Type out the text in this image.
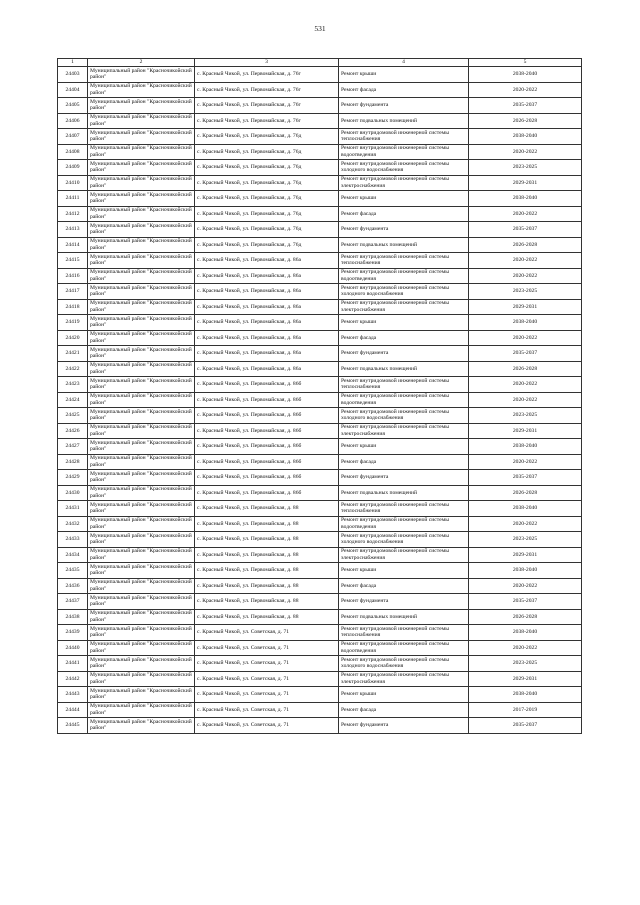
531
1	2	3	4	5
24403	Муниципальный район "Красночикойский район"	с. Красный Чикой, ул. Первомайская, д. 76г	Ремонт крыши	2038-2040
24404	Муниципальный район "Красночикойский район"	с. Красный Чикой, ул. Первомайская, д. 76г	Ремонт фасада	2020-2022
24405	Муниципальный район "Красночикойский район"	с. Красный Чикой, ул. Первомайская, д. 76г	Ремонт фундамента	2035-2037
24406	Муниципальный район "Красночикойский район"	с. Красный Чикой, ул. Первомайская, д. 76г	Ремонт подвальных помещений	2026-2028
24407	Муниципальный район "Красночикойский район"	с. Красный Чикой, ул. Первомайская, д. 76д	Ремонт внутридомовой инженерной системы теплоснабжения	2038-2040
24408	Муниципальный район "Красночикойский район"	с. Красный Чикой, ул. Первомайская, д. 76д	Ремонт внутридомовой инженерной системы водоотведения	2020-2022
24409	Муниципальный район "Красночикойский район"	с. Красный Чикой, ул. Первомайская, д. 76д	Ремонт внутридомовой инженерной системы холодного водоснабжения	2023-2025
24410	Муниципальный район "Красночикойский район"	с. Красный Чикой, ул. Первомайская, д. 76д	Ремонт внутридомовой инженерной системы электроснабжения	2029-2031
24411	Муниципальный район "Красночикойский район"	с. Красный Чикой, ул. Первомайская, д. 76д	Ремонт крыши	2038-2040
24412	Муниципальный район "Красночикойский район"	с. Красный Чикой, ул. Первомайская, д. 76д	Ремонт фасада	2020-2022
24413	Муниципальный район "Красночикойский район"	с. Красный Чикой, ул. Первомайская, д. 76д	Ремонт фундамента	2035-2037
24414	Муниципальный район "Красночикойский район"	с. Красный Чикой, ул. Первомайская, д. 76д	Ремонт подвальных помещений	2026-2028
24415	Муниципальный район "Красночикойский район"	с. Красный Чикой, ул. Первомайская, д. 86а	Ремонт внутридомовой инженерной системы теплоснабжения	2020-2022
24416	Муниципальный район "Красночикойский район"	с. Красный Чикой, ул. Первомайская, д. 86а	Ремонт внутридомовой инженерной системы водоотведения	2020-2022
24417	Муниципальный район "Красночикойский район"	с. Красный Чикой, ул. Первомайская, д. 86а	Ремонт внутридомовой инженерной системы холодного водоснабжения	2023-2025
24418	Муниципальный район "Красночикойский район"	с. Красный Чикой, ул. Первомайская, д. 86а	Ремонт внутридомовой инженерной системы электроснабжения	2029-2031
24419	Муниципальный район "Красночикойский район"	с. Красный Чикой, ул. Первомайская, д. 86а	Ремонт крыши	2038-2040
24420	Муниципальный район "Красночикойский район"	с. Красный Чикой, ул. Первомайская, д. 86а	Ремонт фасада	2020-2022
24421	Муниципальный район "Красночикойский район"	с. Красный Чикой, ул. Первомайская, д. 86а	Ремонт фундамента	2035-2037
24422	Муниципальный район "Красночикойский район"	с. Красный Чикой, ул. Первомайская, д. 86а	Ремонт подвальных помещений	2026-2028
24423	Муниципальный район "Красночикойский район"	с. Красный Чикой, ул. Первомайская, д. 86б	Ремонт внутридомовой инженерной системы теплоснабжения	2020-2022
24424	Муниципальный район "Красночикойский район"	с. Красный Чикой, ул. Первомайская, д. 86б	Ремонт внутридомовой инженерной системы водоотведения	2020-2022
24425	Муниципальный район "Красночикойский район"	с. Красный Чикой, ул. Первомайская, д. 86б	Ремонт внутридомовой инженерной системы холодного водоснабжения	2023-2025
24426	Муниципальный район "Красночикойский район"	с. Красный Чикой, ул. Первомайская, д. 86б	Ремонт внутридомовой инженерной системы электроснабжения	2029-2031
24427	Муниципальный район "Красночикойский район"	с. Красный Чикой, ул. Первомайская, д. 86б	Ремонт крыши	2038-2040
24428	Муниципальный район "Красночикойский район"	с. Красный Чикой, ул. Первомайская, д. 86б	Ремонт фасада	2020-2022
24429	Муниципальный район "Красночикойский район"	с. Красный Чикой, ул. Первомайская, д. 86б	Ремонт фундамента	2035-2037
24430	Муниципальный район "Красночикойский район"	с. Красный Чикой, ул. Первомайская, д. 86б	Ремонт подвальных помещений	2026-2028
24431	Муниципальный район "Красночикойский район"	с. Красный Чикой, ул. Первомайская, д. 88	Ремонт внутридомовой инженерной системы теплоснабжения	2038-2040
24432	Муниципальный район "Красночикойский район"	с. Красный Чикой, ул. Первомайская, д. 88	Ремонт внутридомовой инженерной системы водоотведения	2020-2022
24433	Муниципальный район "Красночикойский район"	с. Красный Чикой, ул. Первомайская, д. 88	Ремонт внутридомовой инженерной системы холодного водоснабжения	2023-2025
24434	Муниципальный район "Красночикойский район"	с. Красный Чикой, ул. Первомайская, д. 88	Ремонт внутридомовой инженерной системы электроснабжения	2029-2031
24435	Муниципальный район "Красночикойский район"	с. Красный Чикой, ул. Первомайская, д. 88	Ремонт крыши	2038-2040
24436	Муниципальный район "Красночикойский район"	с. Красный Чикой, ул. Первомайская, д. 88	Ремонт фасада	2020-2022
24437	Муниципальный район "Красночикойский район"	с. Красный Чикой, ул. Первомайская, д. 88	Ремонт фундамента	2035-2037
24438	Муниципальный район "Красночикойский район"	с. Красный Чикой, ул. Первомайская, д. 88	Ремонт подвальных помещений	2026-2028
24439	Муниципальный район "Красночикойский район"	с. Красный Чикой, ул. Советская, д. 71	Ремонт внутридомовой инженерной системы теплоснабжения	2038-2040
24440	Муниципальный район "Красночикойский район"	с. Красный Чикой, ул. Советская, д. 71	Ремонт внутридомовой инженерной системы водоотведения	2020-2022
24441	Муниципальный район "Красночикойский район"	с. Красный Чикой, ул. Советская, д. 71	Ремонт внутридомовой инженерной системы холодного водоснабжения	2023-2025
24442	Муниципальный район "Красночикойский район"	с. Красный Чикой, ул. Советская, д. 71	Ремонт внутридомовой инженерной системы электроснабжения	2029-2031
24443	Муниципальный район "Красночикойский район"	с. Красный Чикой, ул. Советская, д. 71	Ремонт крыши	2038-2040
24444	Муниципальный район "Красночикойский район"	с. Красный Чикой, ул. Советская, д. 71	Ремонт фасада	2017-2019
24445	Муниципальный район "Красночикойский район"	с. Красный Чикой, ул. Советская, д. 71	Ремонт фундамента	2035-2037
